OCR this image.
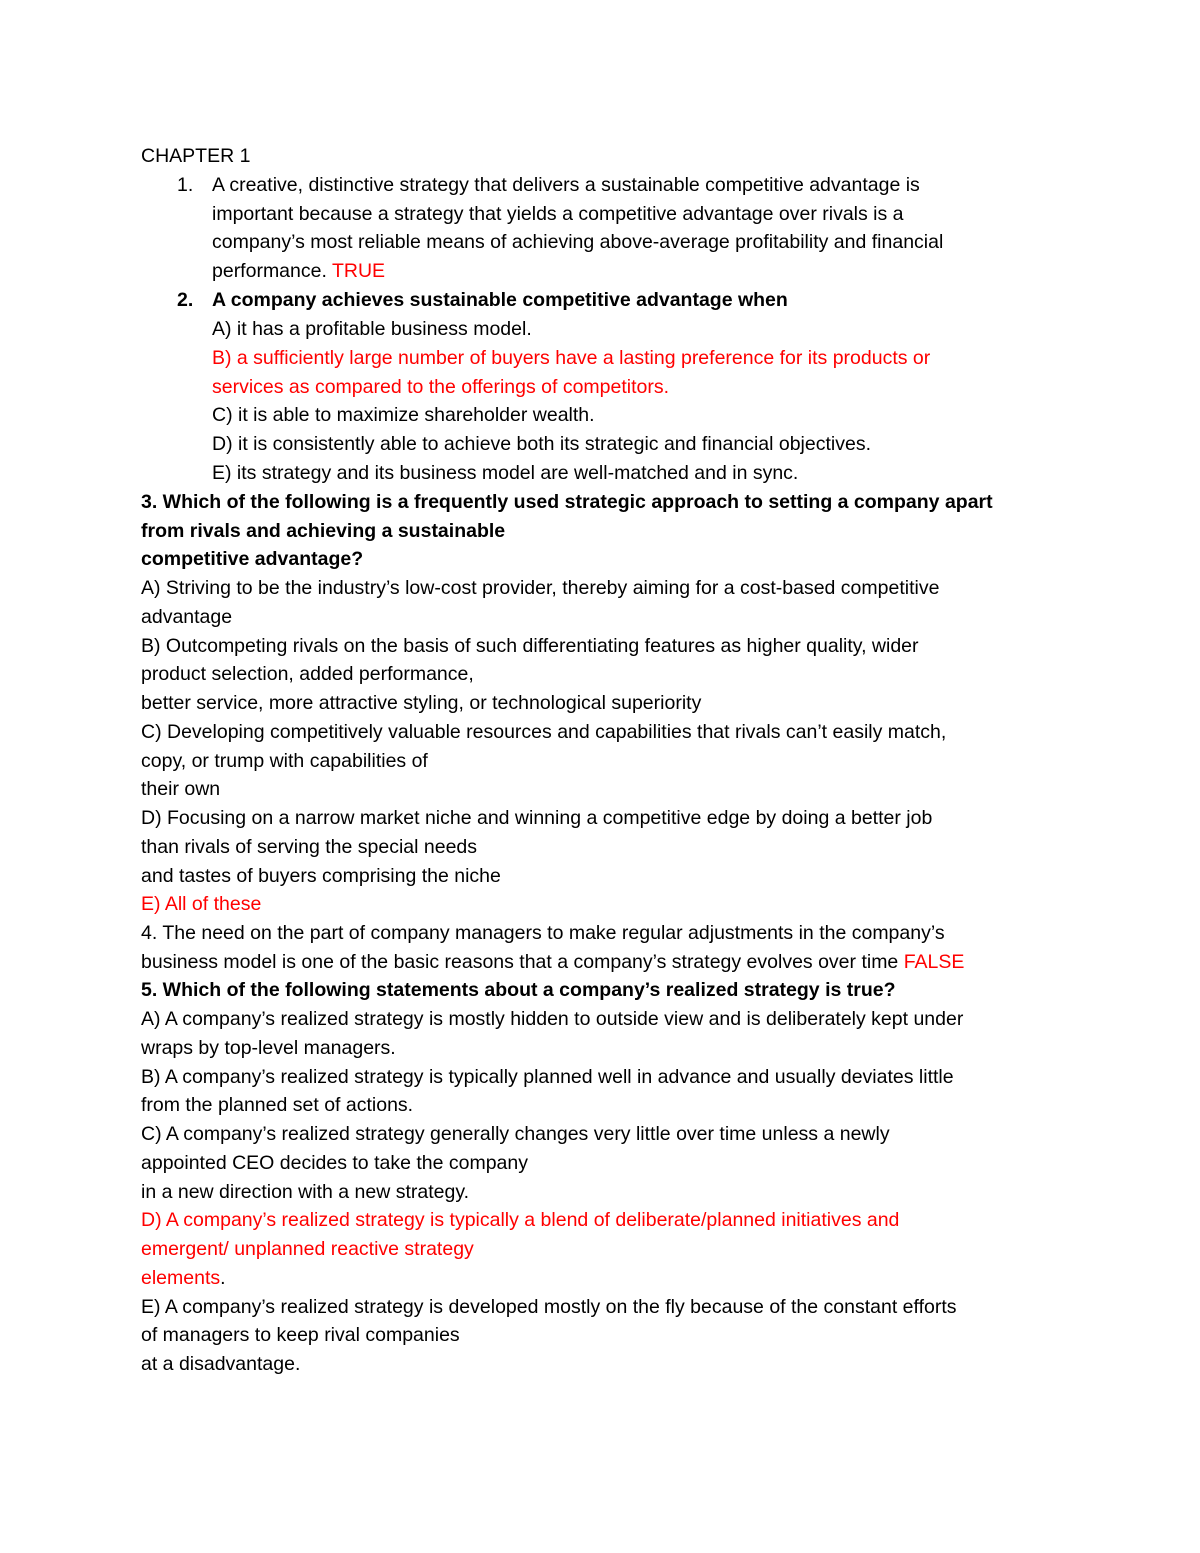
CHAPTER 1
1. A creative, distinctive strategy that delivers a sustainable competitive advantage is
important because a strategy that yields a competitive advantage over rivals is a
company’s most reliable means of achieving above-average profitability and financial
performance. TRUE
2. A company achieves sustainable competitive advantage when
A) it has a profitable business model.
B) a sufficiently large number of buyers have a lasting preference for its products or
services as compared to the offerings of competitors.
C) it is able to maximize shareholder wealth.
D) it is consistently able to achieve both its strategic and financial objectives.
E) its strategy and its business model are well-matched and in sync.
3. Which of the following is a frequently used strategic approach to setting a company apart
from rivals and achieving a sustainable
competitive advantage?
A) Striving to be the industry’s low-cost provider, thereby aiming for a cost-based competitive
advantage
B) Outcompeting rivals on the basis of such differentiating features as higher quality, wider
product selection, added performance,
better service, more attractive styling, or technological superiority
C) Developing competitively valuable resources and capabilities that rivals can’t easily match,
copy, or trump with capabilities of
their own
D) Focusing on a narrow market niche and winning a competitive edge by doing a better job
than rivals of serving the special needs
and tastes of buyers comprising the niche
E) All of these
4. The need on the part of company managers to make regular adjustments in the company’s
business model is one of the basic reasons that a company’s strategy evolves over time FALSE
5. Which of the following statements about a company’s realized strategy is true?
A) A company’s realized strategy is mostly hidden to outside view and is deliberately kept under
wraps by top-level managers.
B) A company’s realized strategy is typically planned well in advance and usually deviates little
from the planned set of actions.
C) A company’s realized strategy generally changes very little over time unless a newly
appointed CEO decides to take the company
in a new direction with a new strategy.
D) A company’s realized strategy is typically a blend of deliberate/planned initiatives and
emergent/ unplanned reactive strategy
elements.
E) A company’s realized strategy is developed mostly on the fly because of the constant efforts
of managers to keep rival companies
at a disadvantage.
